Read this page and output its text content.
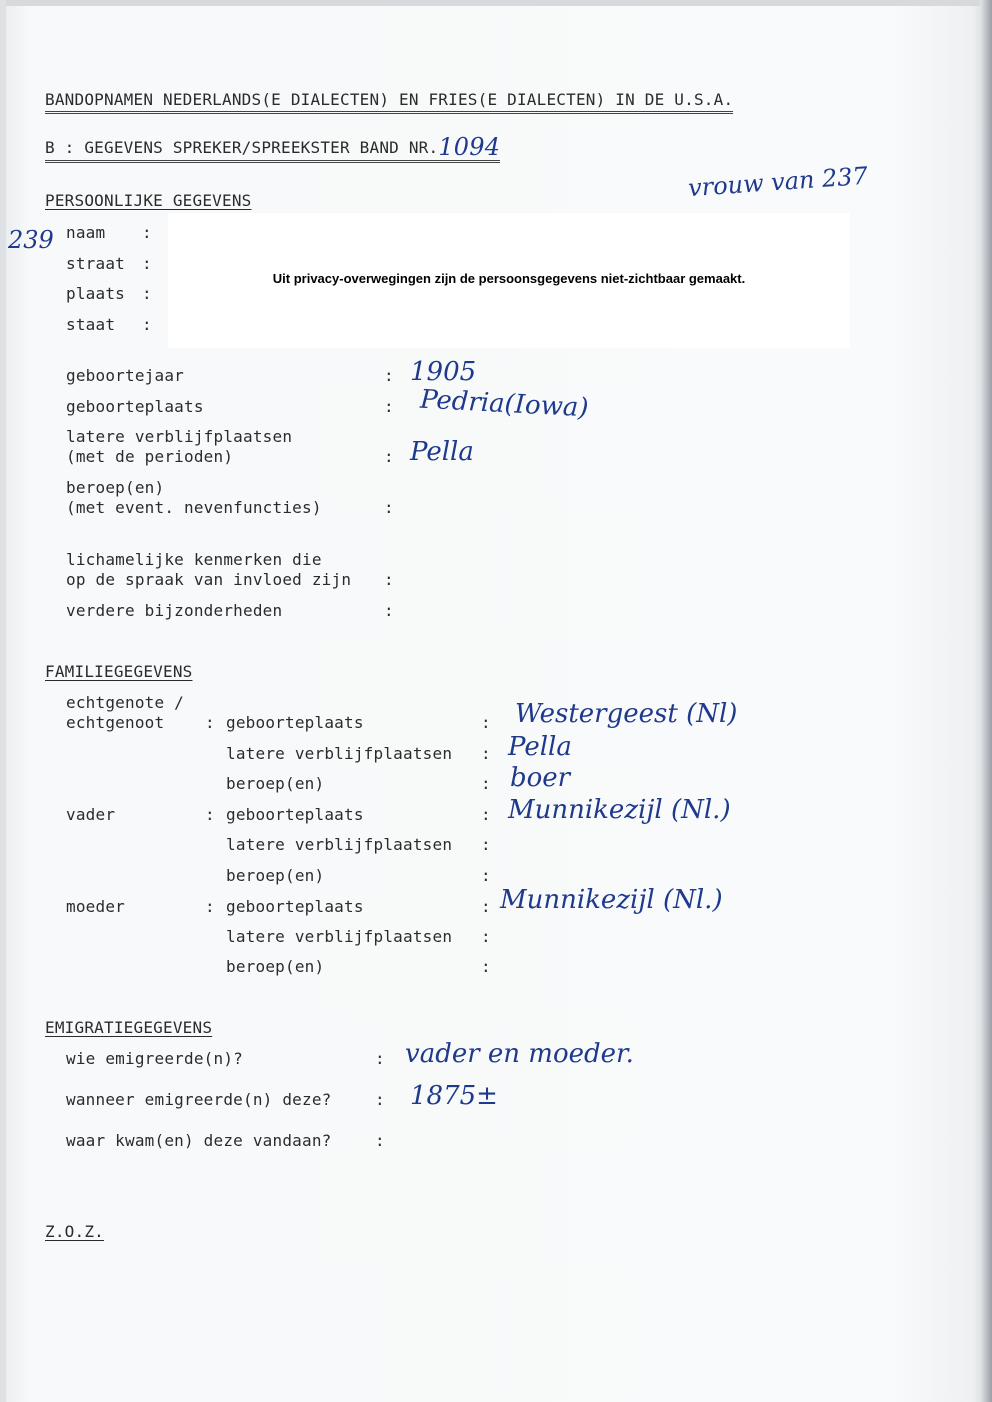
BANDOPNAMEN NEDERLANDS(E DIALECTEN) EN FRIES(E DIALECTEN) IN DE U.S.A.
B : GEGEVENS SPREKER/SPREEKSTER BAND NR.1094
vrouw van 237
PERSOONLIJKE GEGEVENS
239 naam :
straat :
plaats :
staat :
Uit privacy-overwegingen zijn de persoonsgegevens niet-zichtbaar gemaakt.
geboortejaar	: 1905
geboorteplaats	: Pedria(Iowa)
latere verblijfplaatsen
(met de perioden)	: Pella
beroep(en)
(met event. nevenfuncties)	:
lichamelijke kenmerken die
op de spraak van invloed zijn :
verdere bijzonderheden	:
FAMILIEGEGEVENS
echtgenote /
echtgenoot	: geboorteplaats	: Westergeest (Nl)
latere verblijfplaatsen : Pella
beroep(en)	: boer
vader	: geboorteplaats	: Munnikezijl (Nl.)
latere verblijfplaatsen :
beroep(en)	:
moeder	: geboorteplaats	: Munnikezijl (Nl.)
latere verblijfplaatsen :
beroep(en)	:
EMIGRATIEGEGEVENS
wie emigreerde(n)?	: vader en moeder.
wanneer emigreerde(n) deze?	: 1875±
waar kwam(en) deze vandaan?	:
Z.O.Z.
